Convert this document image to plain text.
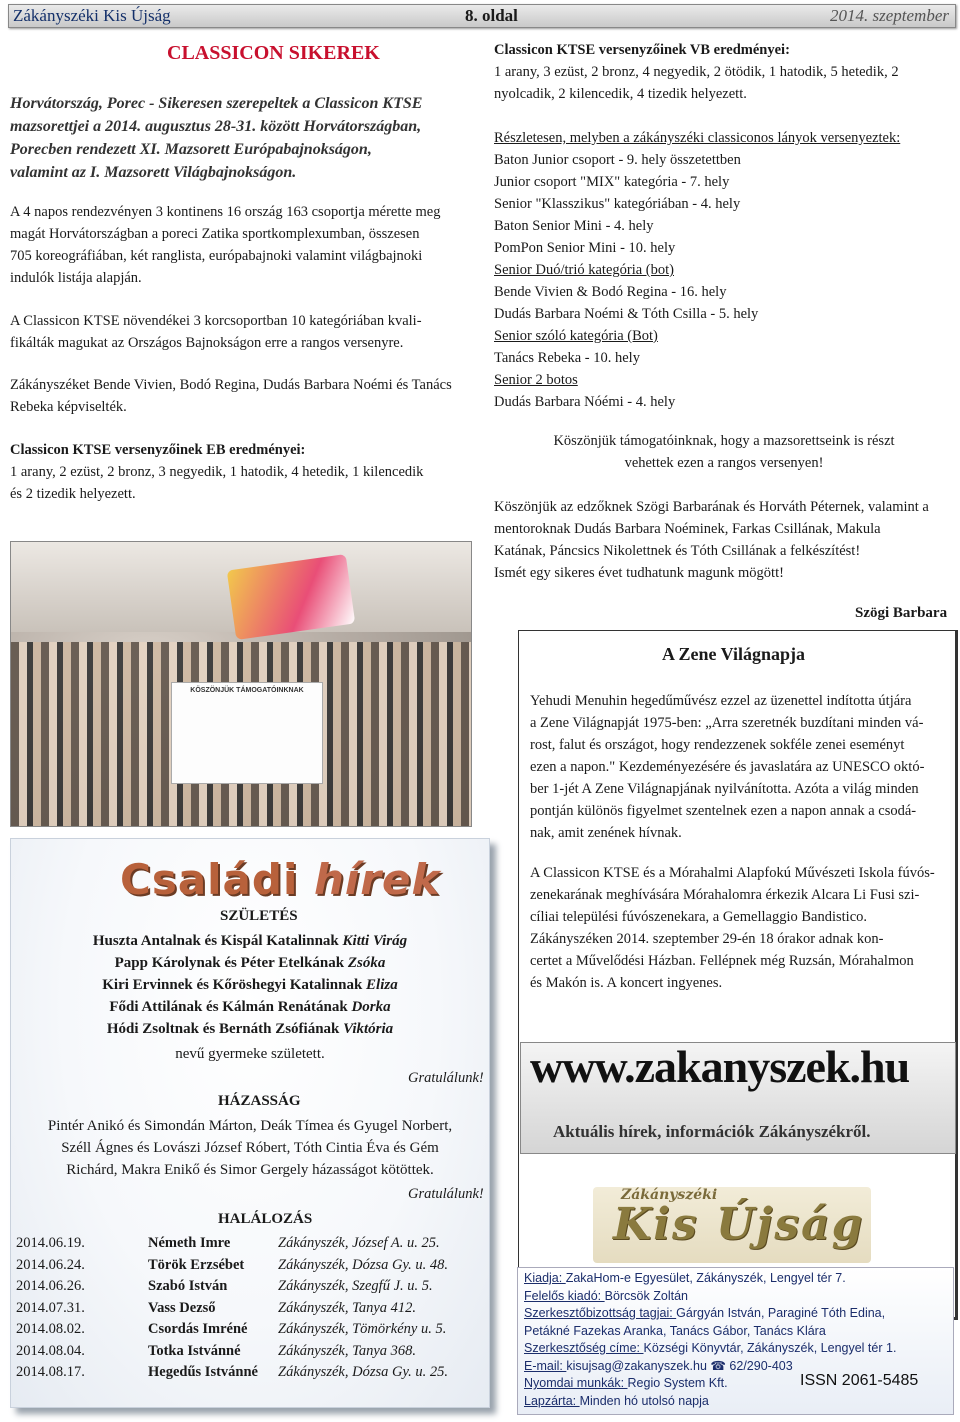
Zákányszéki Kis Újság	8. oldal	2014. szeptember
CLASSICON SIKEREK
Horvátország, Porec - Sikeresen szerepeltek a Classicon KTSE
mazsorettjei a 2014. augusztus 28-31. között Horvátországban,
Porecben rendezett XI. Mazsorett Európabajnokságon,
valamint az I. Mazsorett Világbajnokságon.
A 4 napos rendezvényen 3 kontinens 16 ország 163 csoportja mérette meg
magát Horvátországban a poreci Zatika sportkomplexumban, összesen
705 koreográfiában, két ranglista, európabajnoki valamint világbajnoki
indulók listája alapján.
A Classicon KTSE növendékei 3 korcsoportban 10 kategóriában kvali-
fikálták magukat az Országos Bajnokságon erre a rangos versenyre.
Zákányszéket Bende Vivien, Bodó Regina, Dudás Barbara Noémi és Tanács
Rebeka képviselték.
Classicon KTSE versenyzőinek EB eredményei:
1 arany, 2 ezüst, 2 bronz, 3 negyedik, 1 hatodik, 4 hetedik, 1 kilencedik
és 2 tizedik helyezett.
KÖSZÖNJÜK TÁMOGATÓINKNAK
Családi hírek
SZÜLETÉS
Huszta Antalnak és Kispál Katalinnak Kitti Virág
Papp Károlynak és Péter Etelkának Zsóka
Kiri Ervinnek és Kőröshegyi Katalinnak Eliza
Fődi Attilának és Kálmán Renátának Dorka
Hódi Zsoltnak és Bernáth Zsófiának Viktória
nevű gyermeke született.
Gratulálunk!
HÁZASSÁG
Pintér Anikó és Simondán Márton, Deák Tímea és Gyugel Norbert,
Széll Ágnes és Lovászi József Róbert, Tóth Cintia Éva és Gém
Richárd, Makra Enikő és Simor Gergely házasságot kötöttek.
Gratulálunk!
HALÁLOZÁS
2014.06.19.	Németh Imre	Zákányszék, József A. u. 25.
2014.06.24.	Török Erzsébet Zákányszék, Dózsa Gy. u. 48.
2014.06.26.	Szabó István	Zákányszék, Szegfű J. u. 5.
2014.07.31.	Vass Dezső	Zákányszék, Tanya 412.
2014.08.02.	Csordás Imréné Zákányszék, Tömörkény u. 5.
2014.08.04.	Totka Istvánné	Zákányszék, Tanya 368.
2014.08.17.	Hegedűs Istvánné Zákányszék, Dózsa Gy. u. 25.
Classicon KTSE versenyzőinek VB eredményei:
1 arany, 3 ezüst, 2 bronz, 4 negyedik, 2 ötödik, 1 hatodik, 5 hetedik, 2
nyolcadik, 2 kilencedik, 4 tizedik helyezett.
Részletesen, melyben a zákányszéki classiconos lányok versenyeztek:
Baton Junior csoport - 9. hely összetettben
Junior csoport "MIX" kategória - 7. hely
Senior "Klasszikus" kategóriában - 4. hely
Baton Senior Mini - 4. hely
PomPon Senior Mini - 10. hely
Senior Duó/trió kategória (bot)
Bende Vivien & Bodó Regina - 16. hely
Dudás Barbara Noémi & Tóth Csilla - 5. hely
Senior szóló kategória (Bot)
Tanács Rebeka - 10. hely
Senior 2 botos
Dudás Barbara Nóémi - 4. hely
Köszönjük támogatóinknak, hogy a mazsorettseink is részt
vehettek ezen a rangos versenyen!
Köszönjük az edzőknek Szögi Barbarának és Horváth Péternek, valamint a
mentoroknak Dudás Barbara Noéminek, Farkas Csillának, Makula
Katának, Páncsics Nikolettnek és Tóth Csillának a felkészítést!
Ismét egy sikeres évet tudhatunk magunk mögött!
Szögi Barbara
A Zene Világnapja
Yehudi Menuhin hegedűművész ezzel az üzenettel indította útjára
a Zene Világnapját 1975-ben: „Arra szeretnék buzdítani minden vá-
rost, falut és országot, hogy rendezzenek sokféle zenei eseményt
ezen a napon." Kezdeményezésére és javaslatára az UNESCO októ-
ber 1-jét A Zene Világnapjának nyilvánította. Azóta a világ minden
pontján különös figyelmet szentelnek ezen a napon annak a csodá-
nak, amit zenének hívnak.
A Classicon KTSE és a Mórahalmi Alapfokú Művészeti Iskola fúvós-
zenekarának meghívására Mórahalomra érkezik Alcara Li Fusi szi-
cíliai települési fúvószenekara, a Gemellaggio Bandistico.
Zákányszéken 2014. szeptember 29-én 18 órakor adnak kon-
certet a Művelődési Házban. Fellépnek még Ruzsán, Mórahalmon
és Makón is. A koncert ingyenes.
www.zakanyszek.hu
Aktuális hírek, információk Zákányszékről.
Zákányszéki
Kis Újság
Kiadja: ZakaHom-e Egyesület, Zákányszék, Lengyel tér 7.
Felelős kiadó: Börcsök Zoltán
Szerkesztőbizottság tagjai: Gárgyán István, Paraginé Tóth Edina,
Petákné Fazekas Aranka, Tanács Gábor, Tanács Klára
Szerkesztőség címe: Községi Könyvtár, Zákányszék, Lengyel tér 1.
E-mail: kisujsag@zakanyszek.hu ☎ 62/290-403
Nyomdai munkák: Regio System Kft.
Lapzárta: Minden hó utolsó napja
ISSN 2061-5485
